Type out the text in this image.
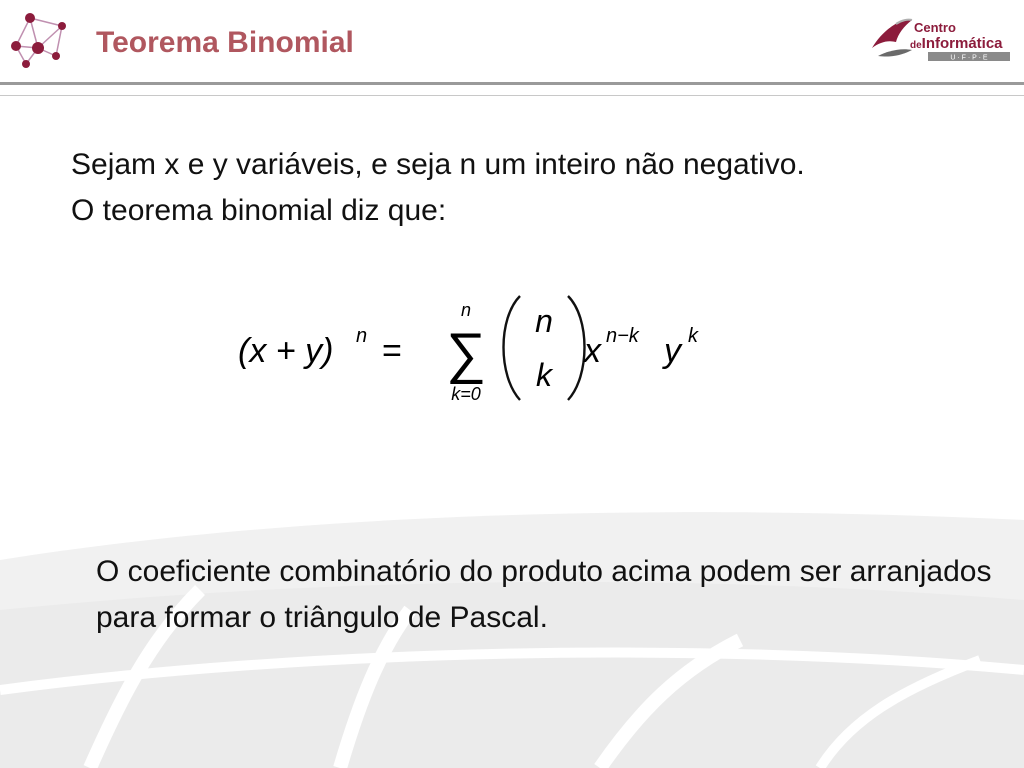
Teorema Binomial	Centro
deInformática
U · F · P · E

Sejam x e y variáveis, e seja n um inteiro não negativo. O teorema binomial diz que:

(x + y) n =
n
∑
k=0
n
k
x n−k y k

O coeficiente combinatório do produto acima podem ser arranjados para formar o triângulo de Pascal.
